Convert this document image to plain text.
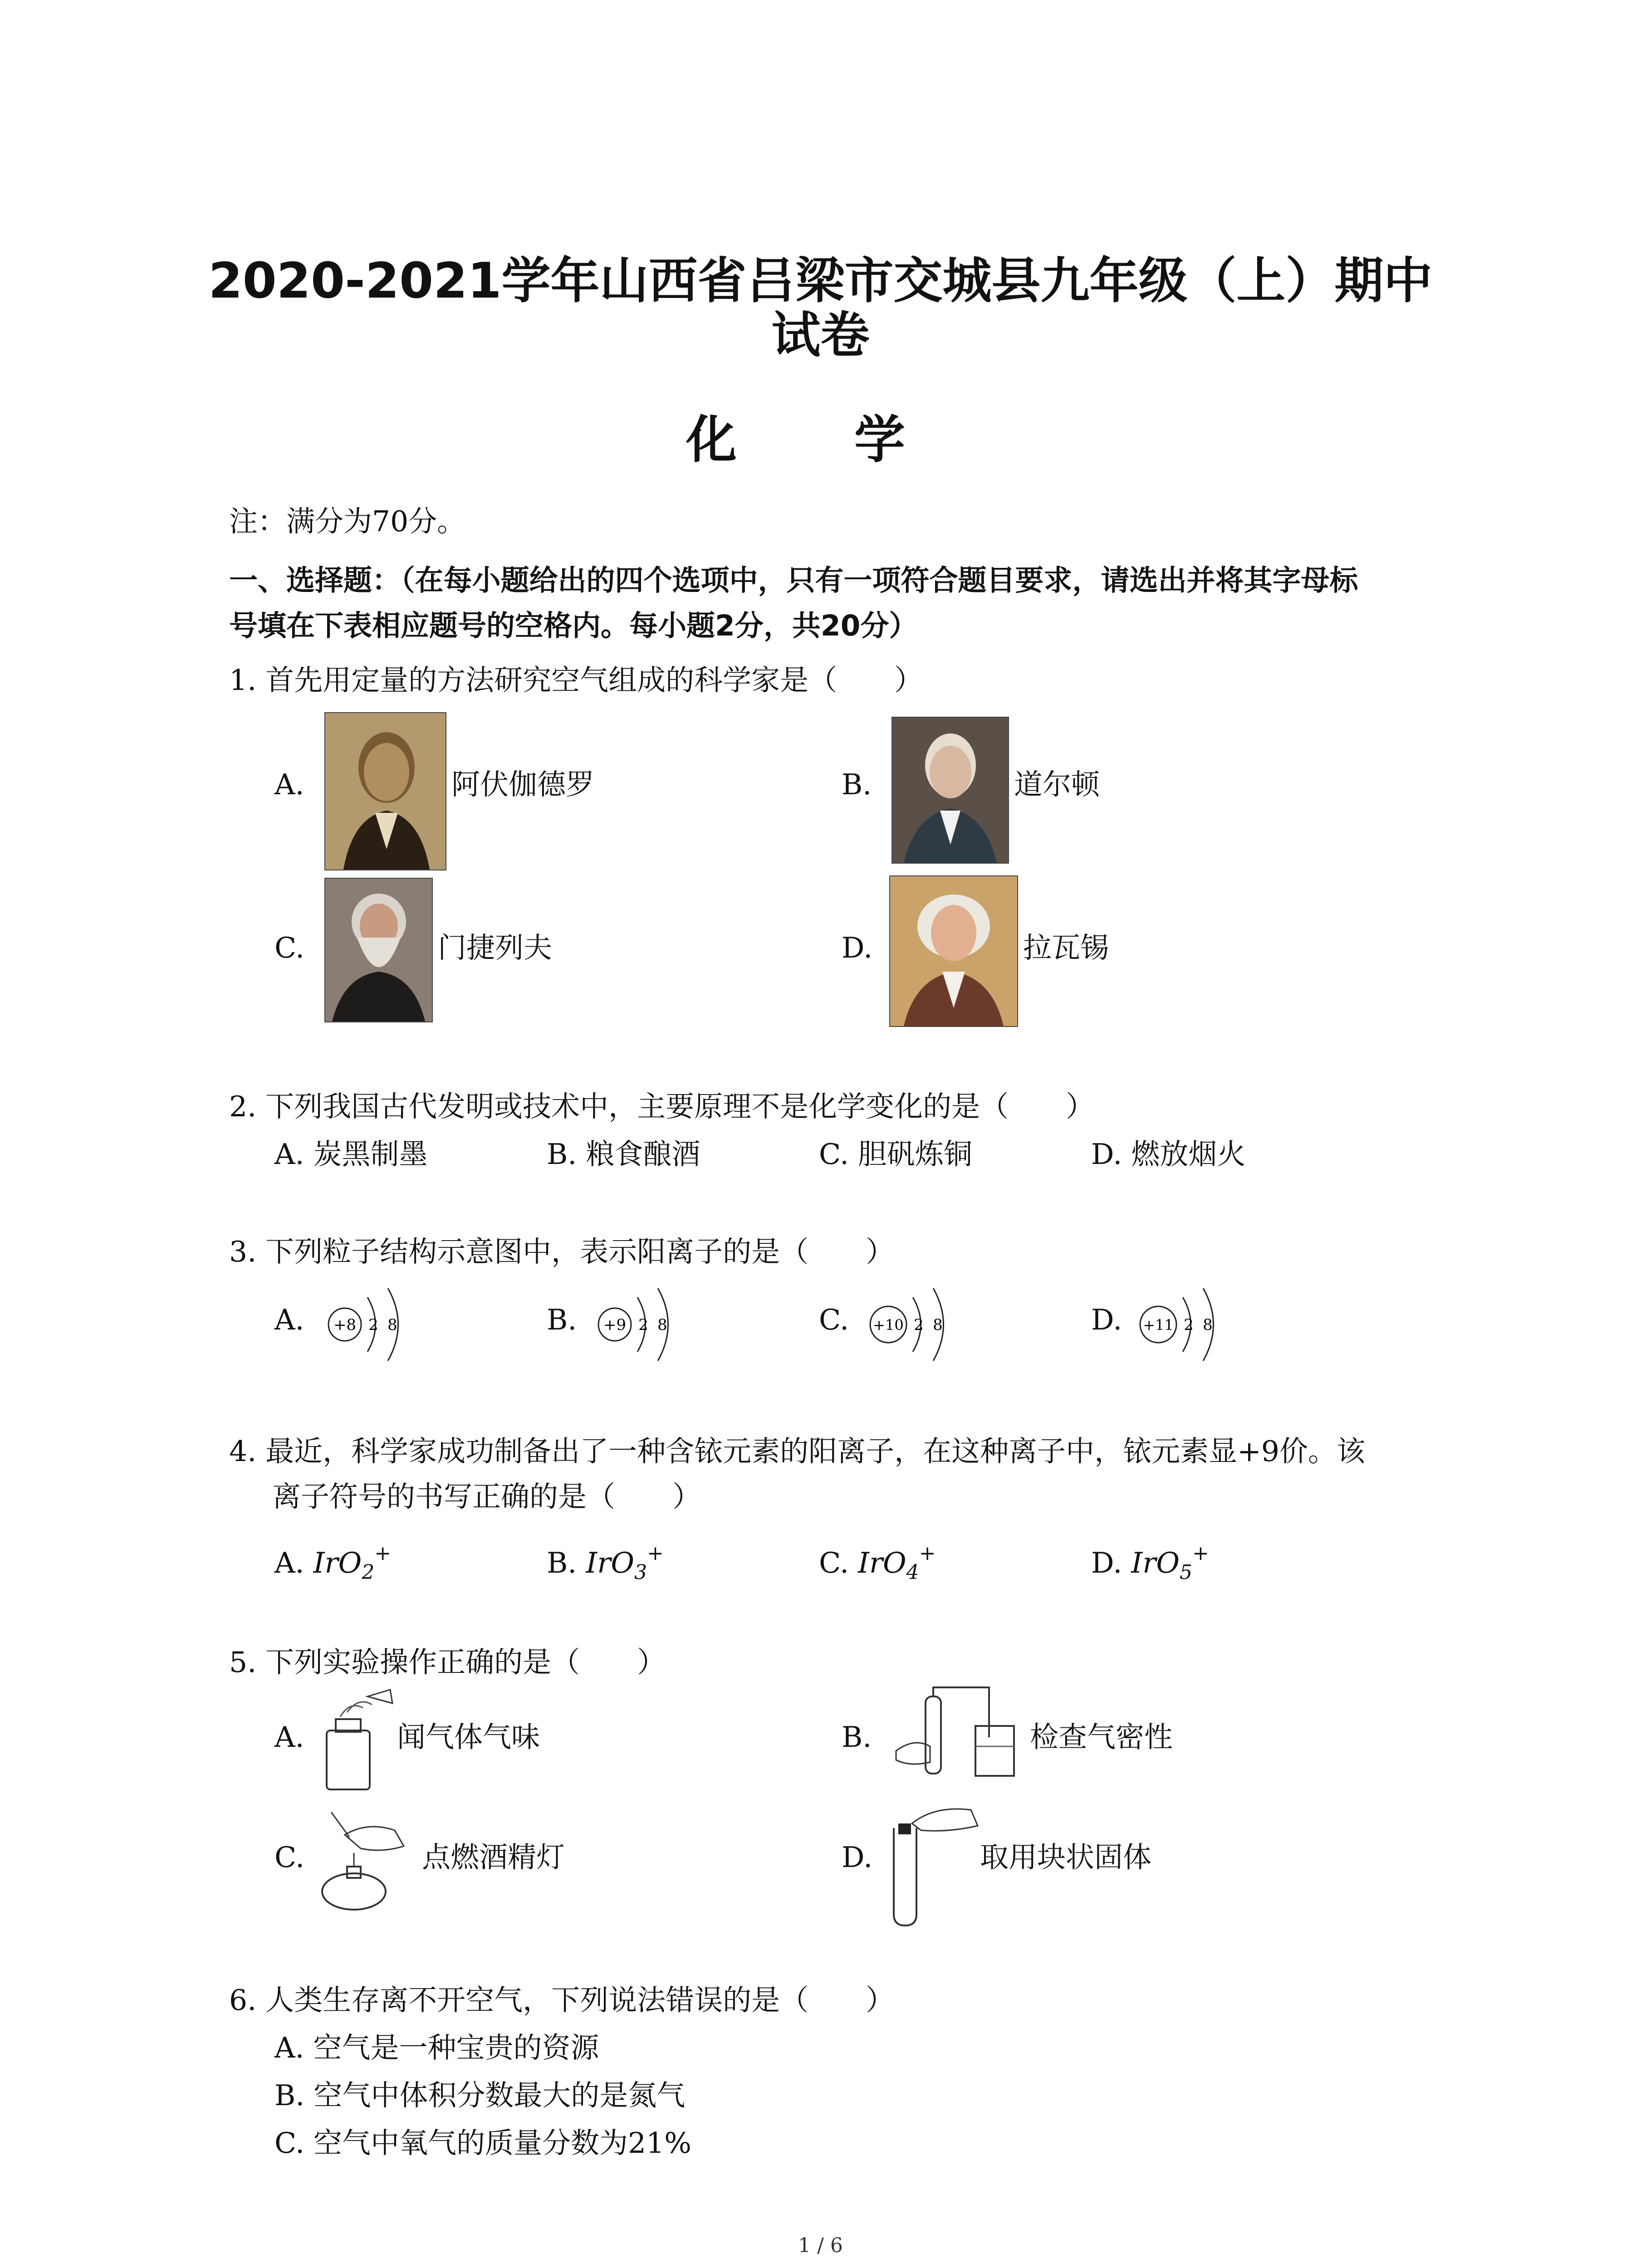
2020-2021学年山西省吕梁市交城县九年级（上）期中
试卷
化 学
注：满分为70分。
一、选择题：（在每小题给出的四个选项中，只有一项符合题目要求，请选出并将其字母标
号填在下表相应题号的空格内。每小题2分，共20分）
1. 首先用定量的方法研究空气组成的科学家是（　　）
A.	阿伏伽德罗	B.	道尔顿
C.	门捷列夫	D.	拉瓦锡
2. 下列我国古代发明或技术中，主要原理不是化学变化的是（　　）
A. 炭黑制墨	B. 粮食酿酒	C. 胆矾炼铜	D. 燃放烟火
3. 下列粒子结构示意图中，表示阳离子的是（　　）
A. +8 2 8	B. +9 2 8	C. +10 2 8	D. +11 2 8
4. 最近，科学家成功制备出了一种含铱元素的阳离子，在这种离子中，铱元素显+9价。该
离子符号的书写正确的是（　　）
A. IrO$_2$+	B. IrO$_3$+	C. IrO$_4$+	D. IrO$_5$+
5. 下列实验操作正确的是（　　）
A.	闻气体气味	B.	检查气密性
C.	点燃酒精灯	D.	取用块状固体
6. 人类生存离不开空气，下列说法错误的是（　　）
A. 空气是一种宝贵的资源
B. 空气中体积分数最大的是氮气
C. 空气中氧气的质量分数为21%
1 / 6
